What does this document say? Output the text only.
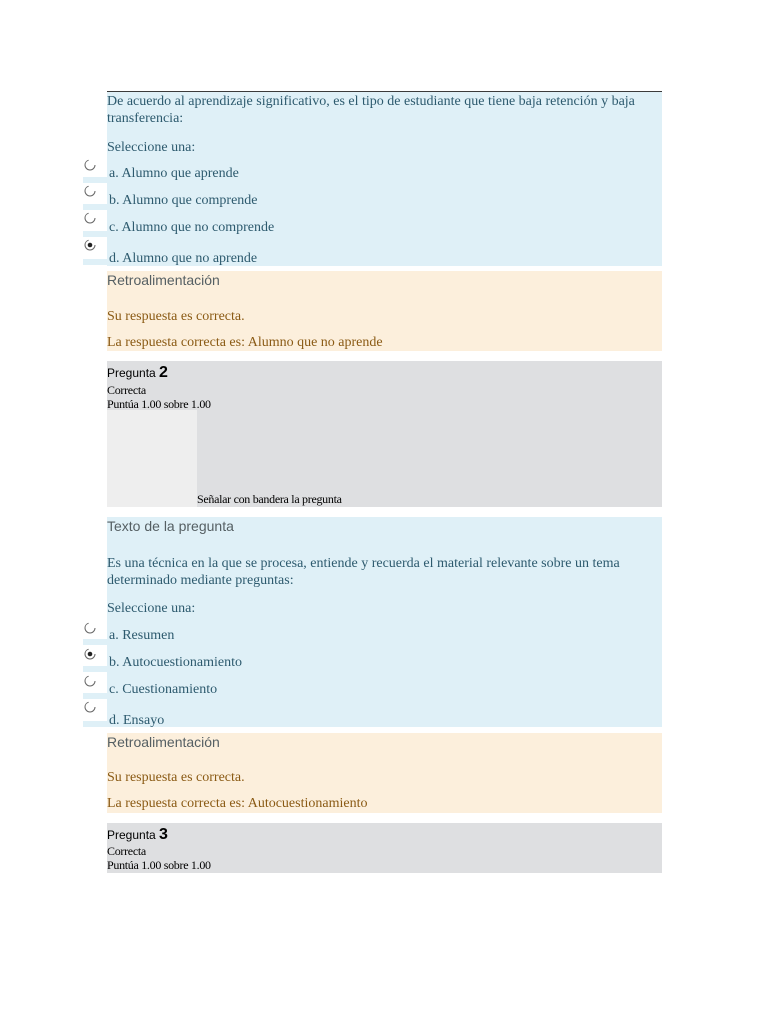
De acuerdo al aprendizaje significativo, es el tipo de estudiante que tiene baja retención y baja transferencia:
Seleccione una:
a. Alumno que aprende
b. Alumno que comprende
c. Alumno que no comprende
d. Alumno que no aprende
Retroalimentación
Su respuesta es correcta.
La respuesta correcta es: Alumno que no aprende
Pregunta 2
Correcta
Puntúa 1.00 sobre 1.00
Señalar con bandera la pregunta
Texto de la pregunta
Es una técnica en la que se procesa, entiende y recuerda el material relevante sobre un tema determinado mediante preguntas:
Seleccione una:
a. Resumen
b. Autocuestionamiento
c. Cuestionamiento
d. Ensayo
Retroalimentación
Su respuesta es correcta.
La respuesta correcta es: Autocuestionamiento
Pregunta 3
Correcta
Puntúa 1.00 sobre 1.00
